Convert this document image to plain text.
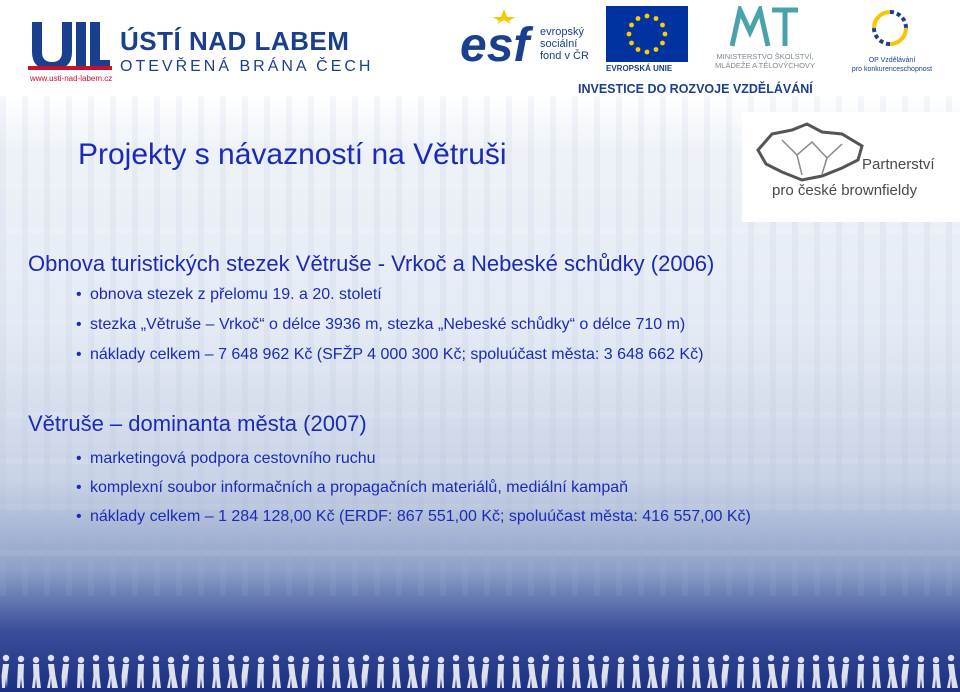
www.usti-nad-labem.cz
ÚSTÍ NAD LABEM
OTEVŘENÁ BRÁNA ČECH esf evropský
sociální
fond v ČR
EVROPSKÁ UNIE
MINISTERSTVO ŠKOLSTVÍ,
MLÁDEŽE A TĚLOVÝCHOVY
OP Vzdělávání
pro konkurenceschopnost
INVESTICE DO ROZVOJE VZDĚLÁVÁNÍ
Partnerství
pro české brownfieldy
Projekty s návazností na Větruši
Obnova turistických stezek Větruše - Vrkoč a Nebeské schůdky (2006)
• obnova stezek z přelomu 19. a 20. století
• stezka „Větruše – Vrkoč“ o délce 3936 m, stezka „Nebeské schůdky“ o délce 710 m)
• náklady celkem – 7 648 962 Kč (SFŽP 4 000 300 Kč; spoluúčast města: 3 648 662 Kč)
Větruše – dominanta města (2007)
• marketingová podpora cestovního ruchu
• komplexní soubor informačních a propagačních materiálů, mediální kampaň
• náklady celkem – 1 284 128,00 Kč (ERDF: 867 551,00 Kč; spoluúčast města: 416 557,00 Kč)
